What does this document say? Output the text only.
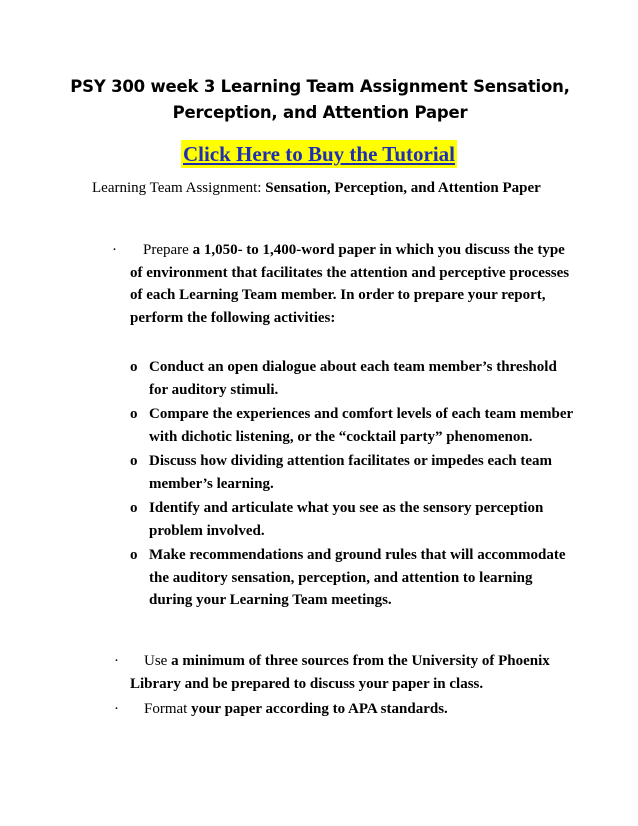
PSY 300 week 3 Learning Team Assignment Sensation,
Perception, and Attention Paper
Click Here to Buy the Tutorial
Learning Team Assignment: Sensation, Perception, and Attention Paper
·	Prepare a 1,050- to 1,400-word paper in which you discuss the type
of environment that facilitates the attention and perceptive processes
of each Learning Team member. In order to prepare your report,
perform the following activities:
o Conduct an open dialogue about each team member’s threshold
for auditory stimuli.
o Compare the experiences and comfort levels of each team member
with dichotic listening, or the “cocktail party” phenomenon.
o Discuss how dividing attention facilitates or impedes each team
member’s learning.
o Identify and articulate what you see as the sensory perception
problem involved.
o Make recommendations and ground rules that will accommodate
the auditory sensation, perception, and attention to learning
during your Learning Team meetings.
·	Use a minimum of three sources from the University of Phoenix
Library and be prepared to discuss your paper in class.
·	Format your paper according to APA standards.
